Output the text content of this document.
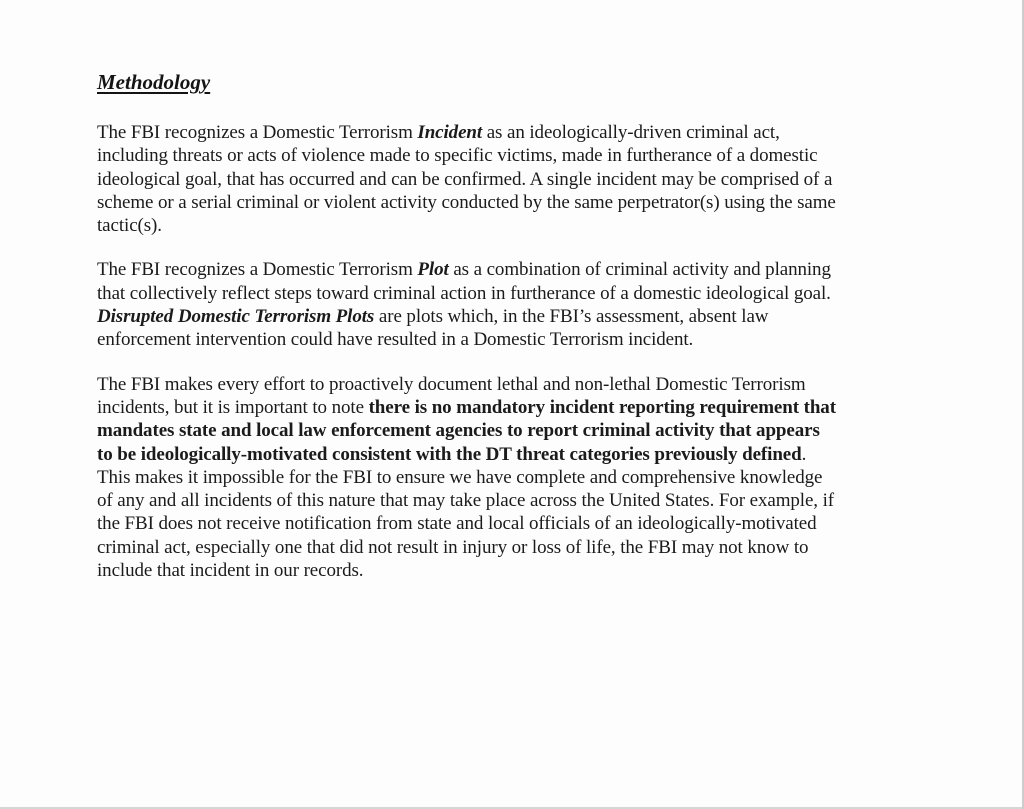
Methodology
The FBI recognizes a Domestic Terrorism Incident as an ideologically-driven criminal act,
including threats or acts of violence made to specific victims, made in furtherance of a domestic
ideological goal, that has occurred and can be confirmed. A single incident may be comprised of a
scheme or a serial criminal or violent activity conducted by the same perpetrator(s) using the same
tactic(s).
The FBI recognizes a Domestic Terrorism Plot as a combination of criminal activity and planning
that collectively reflect steps toward criminal action in furtherance of a domestic ideological goal.
Disrupted Domestic Terrorism Plots are plots which, in the FBI’s assessment, absent law
enforcement intervention could have resulted in a Domestic Terrorism incident.
The FBI makes every effort to proactively document lethal and non-lethal Domestic Terrorism
incidents, but it is important to note there is no mandatory incident reporting requirement that
mandates state and local law enforcement agencies to report criminal activity that appears
to be ideologically-motivated consistent with the DT threat categories previously defined.
This makes it impossible for the FBI to ensure we have complete and comprehensive knowledge
of any and all incidents of this nature that may take place across the United States. For example, if
the FBI does not receive notification from state and local officials of an ideologically-motivated
criminal act, especially one that did not result in injury or loss of life, the FBI may not know to
include that incident in our records.
